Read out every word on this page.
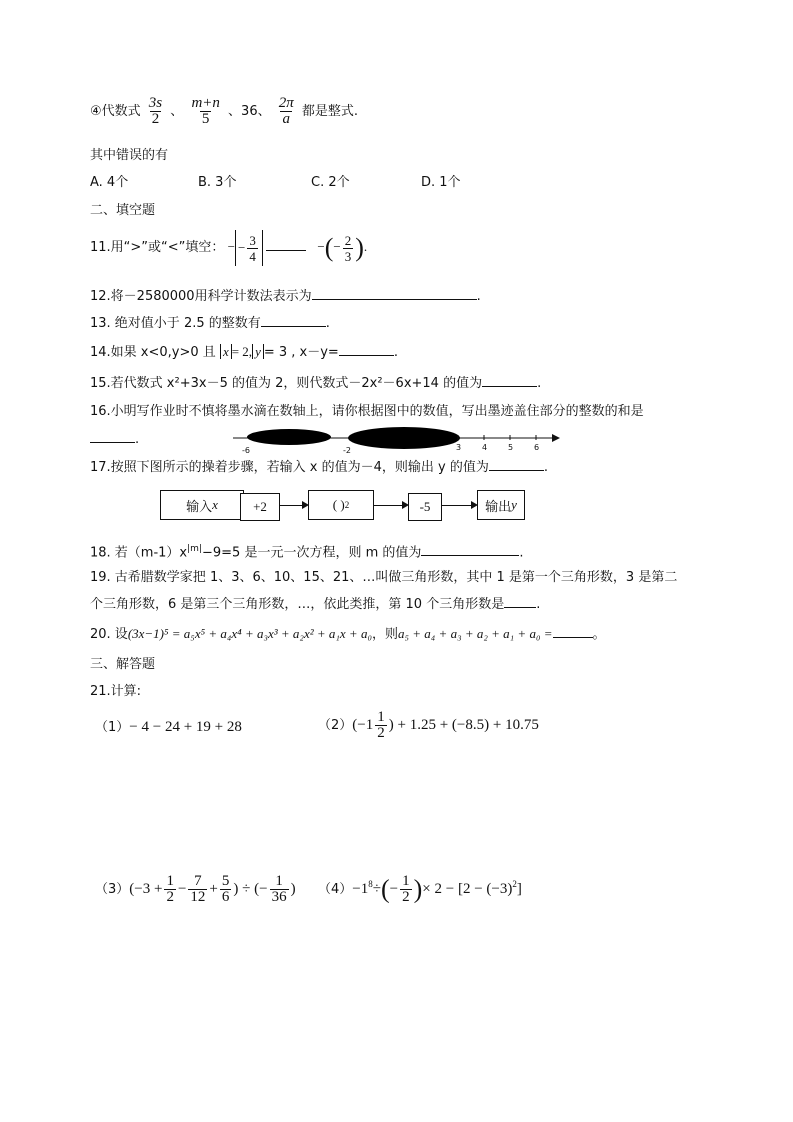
④代数式 $\frac{3s}{2}$ 、 $\frac{m+n}{5}$ 、36、 $\frac{2\pi}{a}$ 都是整式.
其中错误的有
A. 4个	B. 3个	C. 2个	D. 1个
二、填空题
11.用“>”或“<”填空： − − $\frac{3}{4}$	−(− $\frac{2}{3}$ ).
12.将－2580000用科学计数法表示为	.
13. 绝对值小于 2.5 的整数有	.
14.如果 x<0,y>0 且 x = 2, y = 3 , x－y=	.
15.若代数式 x²+3x－5 的值为 2，则代数式－2x²－6x+14 的值为	.
16.小明写作业时不慎将墨水滴在数轴上，请你根据图中的数值，写出墨迹盖住部分的整数的和是
.
-6	-2	3	4	5	6
17.按照下图所示的操着步骤，若输入 x 的值为－4，则输出 y 的值为	.
输入 x	+2	( ) 2	-5	输出 y
18. 若$(m-1)x^{|m|}-9=5$ 是一元一次方程，则 m 的值为	.
19. 古希腊数学家把 1、3、6、10、15、21、…叫做三角形数，其中 1 是第一个三角形数，3 是第二
个三角形数，6 是第三个三角形数，…，依此类推，第 10 个三角形数是 .
20. 设(3x−1)⁵ = a₅x⁵ + a₄x⁴ + a₃x³ + a₂x² + a₁x + a₀，则a₅ + a₄ + a₃ + a₂ + a₁ + a₀ =	。
三、解答题
21.计算:
（1）− 4 − 24 + 19 + 28	$(2)(-1 \frac{1}{2}$ ) + 1.25 + (−8.5) + 10.75
$(3)(-3 + \frac{1}{2} - \frac{7}{12} + \frac{5}{6}$ ) ÷ (− $\frac{1}{36}$ ) $(4)-1^8\div(- \frac{1}{2}$ )× $2 - [2 - (-3)^2]$
